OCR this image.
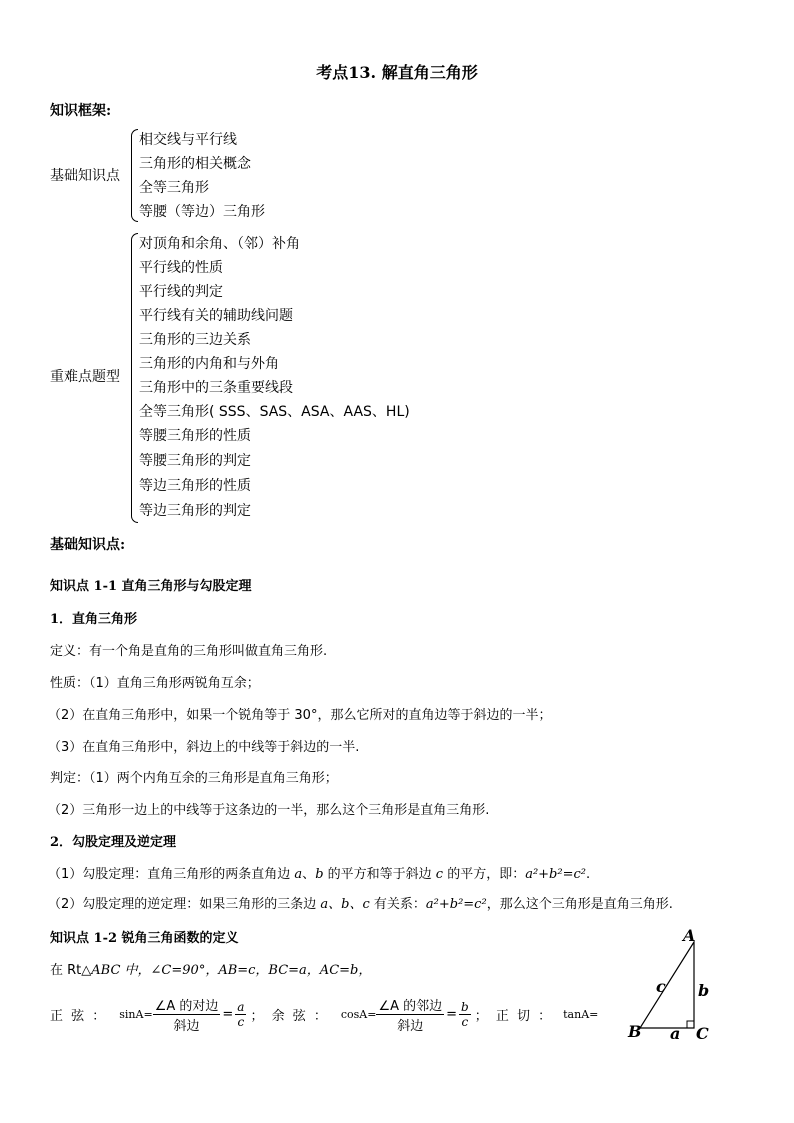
考点13. 解直角三角形
知识框架:
基础知识点
相交线与平行线
三角形的相关概念
全等三角形
等腰（等边）三角形
重难点题型
对顶角和余角、（邻）补角
平行线的性质
平行线的判定
平行线有关的辅助线问题
三角形的三边关系
三角形的内角和与外角
三角形中的三条重要线段
全等三角形( SSS、SAS、ASA、AAS、HL)
等腰三角形的性质
等腰三角形的判定
等边三角形的性质
等边三角形的判定
基础知识点:
知识点 1-1 直角三角形与勾股定理
1．直角三角形
定义：有一个角是直角的三角形叫做直角三角形.
性质：（1）直角三角形两锐角互余；
（2）在直角三角形中，如果一个锐角等于 30°，那么它所对的直角边等于斜边的一半；
（3）在直角三角形中，斜边上的中线等于斜边的一半.
判定：（1）两个内角互余的三角形是直角三角形；
（2）三角形一边上的中线等于这条边的一半，那么这个三角形是直角三角形.
2．勾股定理及逆定理
（1）勾股定理：直角三角形的两条直角边 a、b 的平方和等于斜边 c 的平方，即：a²+b²=c².
（2）勾股定理的逆定理：如果三角形的三条边 a、b、c 有关系：a²+b²=c²，那么这个三角形是直角三角形.
知识点 1-2 锐角三角函数的定义
在 Rt△ABC 中，∠C=90°，AB=c，BC=a，AC=b，
正 弦 ： $\sin A= \frac{\text{∠A 的对边}}{\text{斜边}} = \frac{a}{c}$ ； 余 弦 ： $\cos A= \frac{\text{∠A 的邻边}}{\text{斜边}} = \frac{b}{c}$ ； 正 切 ： tanA=
A
B	C
a
b
c
